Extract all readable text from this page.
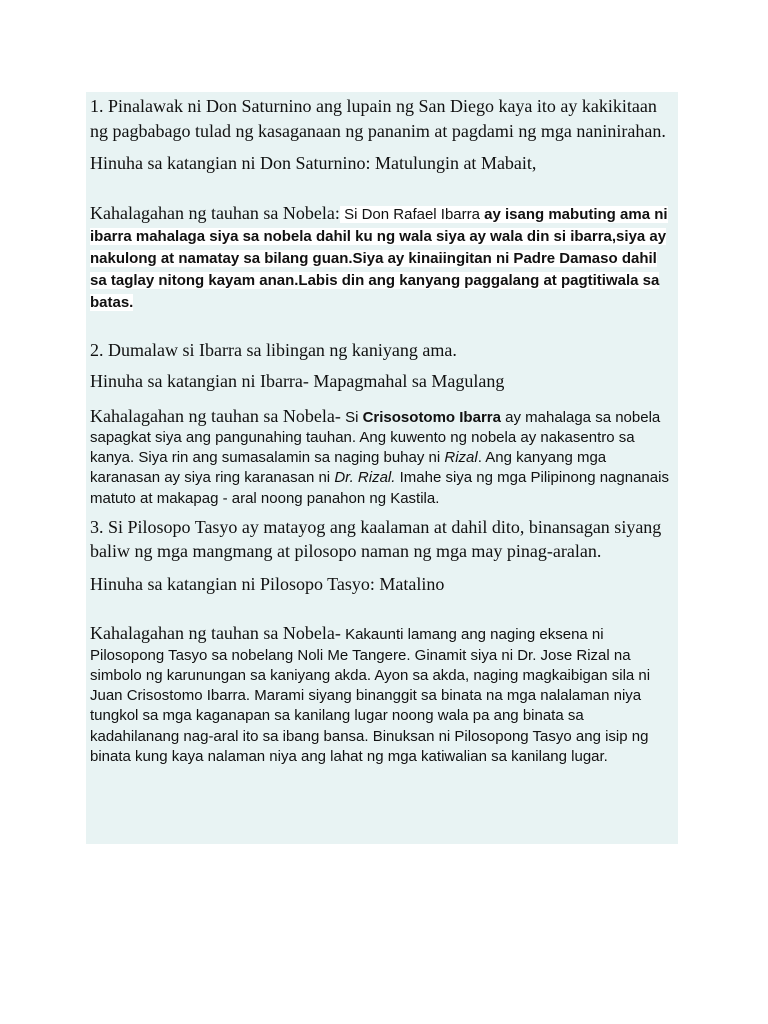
1. Pinalawak ni Don Saturnino ang lupain ng San Diego kaya ito ay kakikitaan ng pagbabago tulad ng kasaganaan ng pananim at pagdami ng mga naninirahan.

Hinuha sa katangian ni Don Saturnino: Matulungin at Mabait,

Kahalagahan ng tauhan sa Nobela: Si Don Rafael Ibarra ay isang mabuting ama ni ibarra mahalaga siya sa nobela dahil ku ng wala siya ay wala din si ibarra,siya ay nakulong at namatay sa bilang guan.Siya ay kinaiingitan ni Padre Damaso dahil sa taglay nitong kayam anan.Labis din ang kanyang paggalang at pagtitiwala sa batas.

2. Dumalaw si Ibarra sa libingan ng kaniyang ama.

Hinuha sa katangian ni Ibarra- Mapagmahal sa Magulang

Kahalagahan ng tauhan sa Nobela- Si Crisosotomo Ibarra ay mahalaga sa nobela sapagkat siya ang pangunahing tauhan. Ang kuwento ng nobela ay nakasentro sa kanya. Siya rin ang sumasalamin sa naging buhay ni Rizal. Ang kanyang mga karanasan ay siya ring karanasan ni Dr. Rizal. Imahe siya ng mga Pilipinong nagnanais matuto at makapag - aral noong panahon ng Kastila.

3. Si Pilosopo Tasyo ay matayog ang kaalaman at dahil dito, binansagan siyang baliw ng mga mangmang at pilosopo naman ng mga may pinag-aralan.

Hinuha sa katangian ni Pilosopo Tasyo: Matalino

Kahalagahan ng tauhan sa Nobela- Kakaunti lamang ang naging eksena ni Pilosopong Tasyo sa nobelang Noli Me Tangere. Ginamit siya ni Dr. Jose Rizal na simbolo ng karunungan sa kaniyang akda. Ayon sa akda, naging magkaibigan sila ni Juan Crisostomo Ibarra. Marami siyang binanggit sa binata na mga nalalaman niya tungkol sa mga kaganapan sa kanilang lugar noong wala pa ang binata sa kadahilanang nag-aral ito sa ibang bansa. Binuksan ni Pilosopong Tasyo ang isip ng binata kung kaya nalaman niya ang lahat ng mga katiwalian sa kanilang lugar.
